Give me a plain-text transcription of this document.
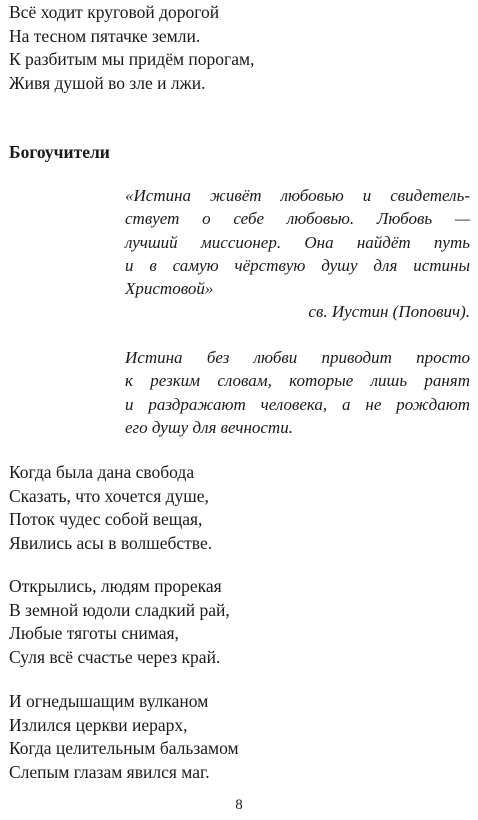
Всё ходит круговой дорогой
На тесном пятачке земли.
К разбитым мы придём порогам,
Живя душой во зле и лжи.
Богоучители
«Истина живёт любовью и свидетель-
ствует о себе любовью. Любовь —
лучший миссионер. Она найдёт путь
и в самую чёрствую душу для истины
Христовой»
св. Иустин (Попович).
Истина без любви приводит просто
к резким словам, которые лишь ранят
и раздражают человека, а не рождают
его душу для вечности.
Когда была дана свобода
Сказать, что хочется душе,
Поток чудес собой вещая,
Явились асы в волшебстве.
Открылись, людям прорекая
В земной юдоли сладкий рай,
Любые тяготы снимая,
Суля всё счастье через край.
И огнедышащим вулканом
Излился церкви иерарх,
Когда целительным бальзамом
Слепым глазам явился маг.
8
